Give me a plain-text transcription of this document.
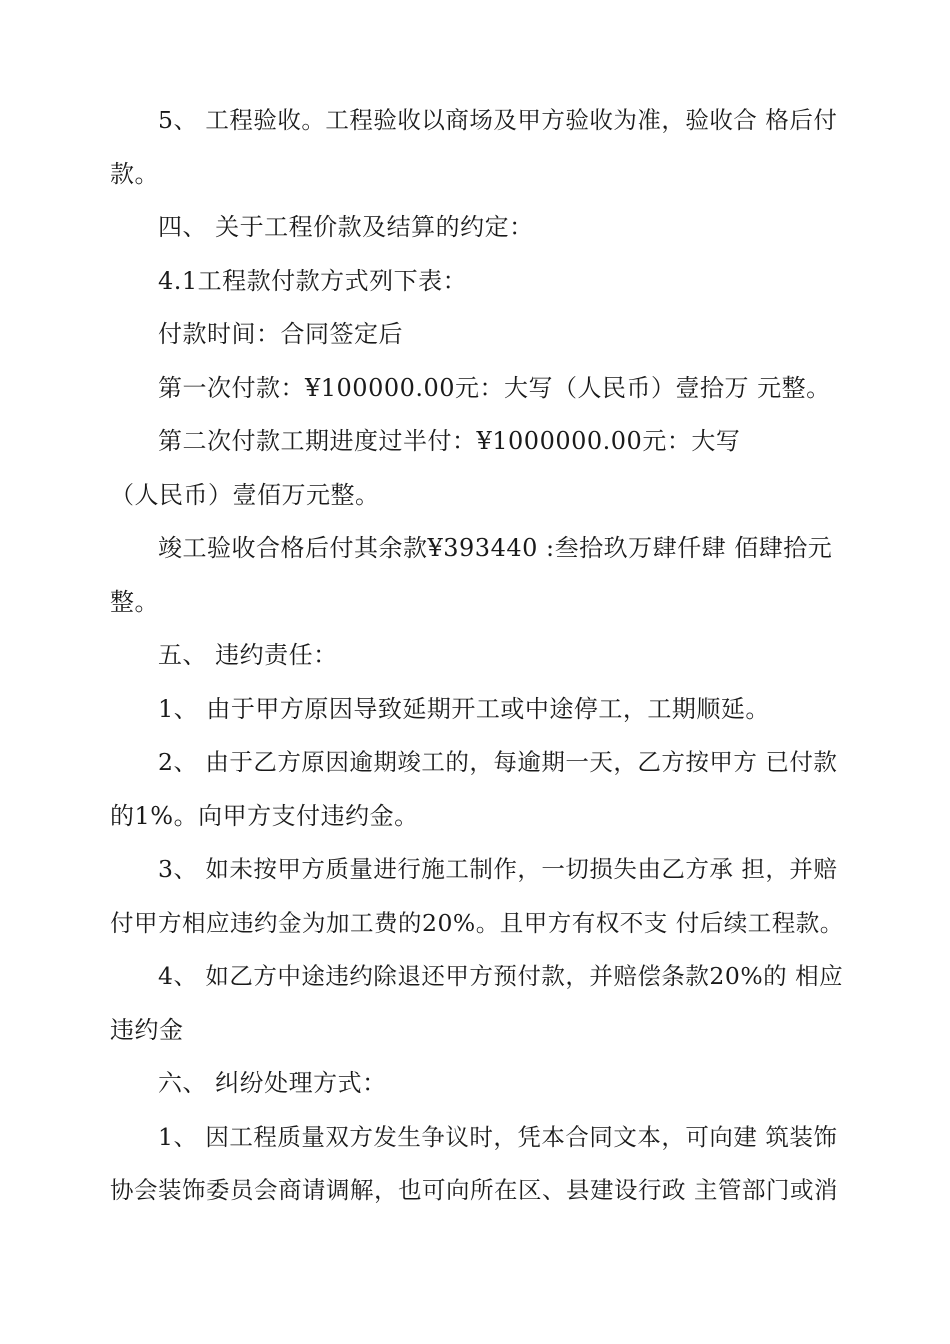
5、 工程验收。工程验收以商场及甲方验收为准，验收合 格后付
款。
四、 关于工程价款及结算的约定：
4.1工程款付款方式列下表：
付款时间：合同签定后
第一次付款：¥100000.00元：大写（人民币）壹拾万 元整。
第二次付款工期进度过半付：¥1000000.00元：大写
（人民币）壹佰万元整。
竣工验收合格后付其余款¥393440 :叁拾玖万肆仟肆 佰肆拾元
整。
五、 违约责任：
1、 由于甲方原因导致延期开工或中途停工，工期顺延。
2、 由于乙方原因逾期竣工的，每逾期一天，乙方按甲方 已付款
的1%。向甲方支付违约金。
3、 如未按甲方质量进行施工制作，一切损失由乙方承 担，并赔
付甲方相应违约金为加工费的20%。且甲方有权不支 付后续工程款。
4、 如乙方中途违约除退还甲方预付款，并赔偿条款20%的 相应
违约金
六、 纠纷处理方式：
1、 因工程质量双方发生争议时，凭本合同文本，可向建 筑装饰
协会装饰委员会商请调解，也可向所在区、县建设行政 主管部门或消
